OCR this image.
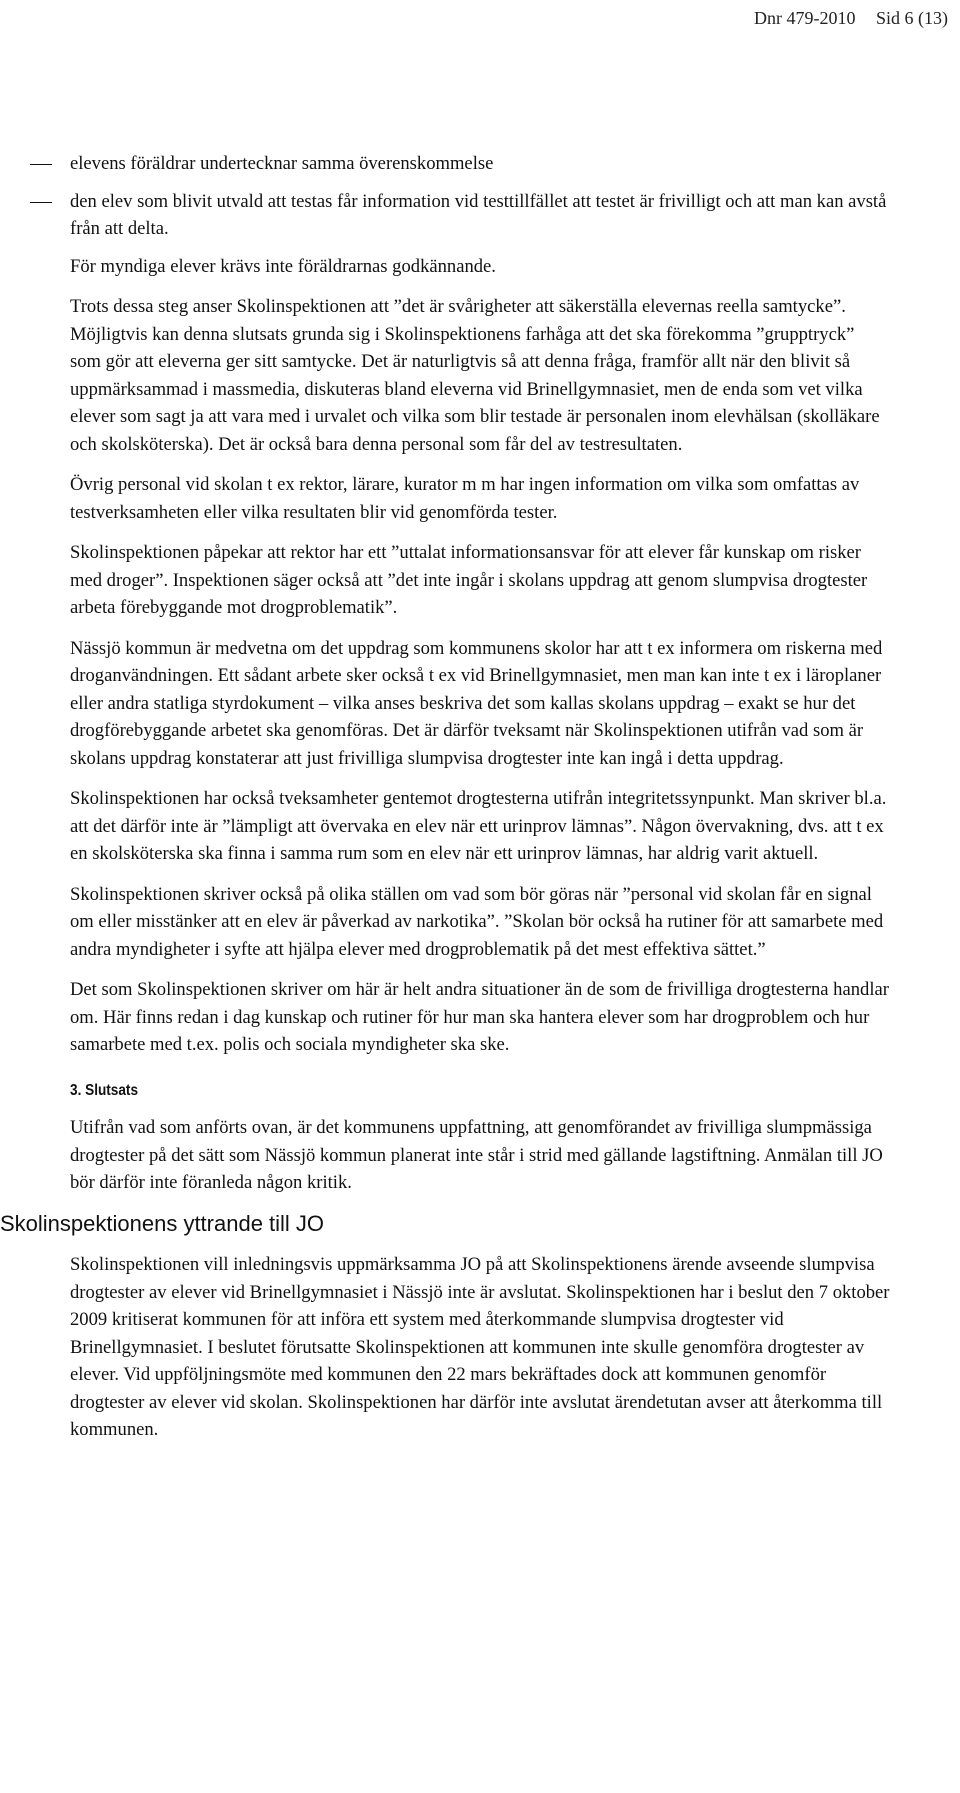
Dnr 479-2010 Sid 6 (13)
elevens föräldrar undertecknar samma överenskommelse
den elev som blivit utvald att testas får information vid testtillfället att testet är frivilligt och att man kan avstå från att delta.

För myndiga elever krävs inte föräldrarnas godkännande.

Trots dessa steg anser Skolinspektionen att ”det är svårigheter att säkerställa elevernas reella samtycke”. Möjligtvis kan denna slutsats grunda sig i Skolinspektionens farhåga att det ska förekomma ”grupptryck” som gör att eleverna ger sitt samtycke. Det är naturligtvis så att denna fråga, framför allt när den blivit så uppmärksammad i massmedia, diskuteras bland eleverna vid Brinellgymnasiet, men de enda som vet vilka elever som sagt ja att vara med i urvalet och vilka som blir testade är personalen inom elevhälsan (skolläkare och skolsköterska). Det är också bara denna personal som får del av testresultaten.

Övrig personal vid skolan t ex rektor, lärare, kurator m m har ingen information om vilka som omfattas av testverksamheten eller vilka resultaten blir vid genomförda tester.

Skolinspektionen påpekar att rektor har ett ”uttalat informationsansvar för att elever får kunskap om risker med droger”. Inspektionen säger också att ”det inte ingår i skolans uppdrag att genom slumpvisa drogtester arbeta förebyggande mot drogproblematik”.

Nässjö kommun är medvetna om det uppdrag som kommunens skolor har att t ex informera om riskerna med droganvändningen. Ett sådant arbete sker också t ex vid Brinellgymnasiet, men man kan inte t ex i läroplaner eller andra statliga styrdokument – vilka anses beskriva det som kallas skolans uppdrag – exakt se hur det drogförebyggande arbetet ska genomföras. Det är därför tveksamt när Skolinspektionen utifrån vad som är skolans uppdrag konstaterar att just frivilliga slumpvisa drogtester inte kan ingå i detta uppdrag.

Skolinspektionen har också tveksamheter gentemot drogtesterna utifrån integritetssynpunkt. Man skriver bl.a. att det därför inte är ”lämpligt att övervaka en elev när ett urinprov lämnas”. Någon övervakning, dvs. att t ex en skolsköterska ska finna i samma rum som en elev när ett urinprov lämnas, har aldrig varit aktuell.

Skolinspektionen skriver också på olika ställen om vad som bör göras när ”personal vid skolan får en signal om eller misstänker att en elev är påverkad av narkotika”. ”Skolan bör också ha rutiner för att samarbete med andra myndigheter i syfte att hjälpa elever med drogproblematik på det mest effektiva sättet.”

Det som Skolinspektionen skriver om här är helt andra situationer än de som de frivilliga drogtesterna handlar om. Här finns redan i dag kunskap och rutiner för hur man ska hantera elever som har drogproblem och hur samarbete med t.ex. polis och sociala myndigheter ska ske.

3. Slutsats

Utifrån vad som anförts ovan, är det kommunens uppfattning, att genomförandet av frivilliga slumpmässiga drogtester på det sätt som Nässjö kommun planerat inte står i strid med gällande lagstiftning. Anmälan till JO bör därför inte föranleda någon kritik.

Skolinspektionens yttrande till JO

Skolinspektionen vill inledningsvis uppmärksamma JO på att Skolinspektionens ärende avseende slumpvisa drogtester av elever vid Brinellgymnasiet i Nässjö inte är avslutat. Skolinspektionen har i beslut den 7 oktober 2009 kritiserat kommunen för att införa ett system med återkommande slumpvisa drogtester vid Brinellgymnasiet. I beslutet förutsatte Skolinspektionen att kommunen inte skulle genomföra drogtester av elever. Vid uppföljningsmöte med kommunen den 22 mars bekräftades dock att kommunen genomför drogtester av elever vid skolan. Skolinspektionen har därför inte avslutat ärendetutan avser att återkomma till kommunen.
